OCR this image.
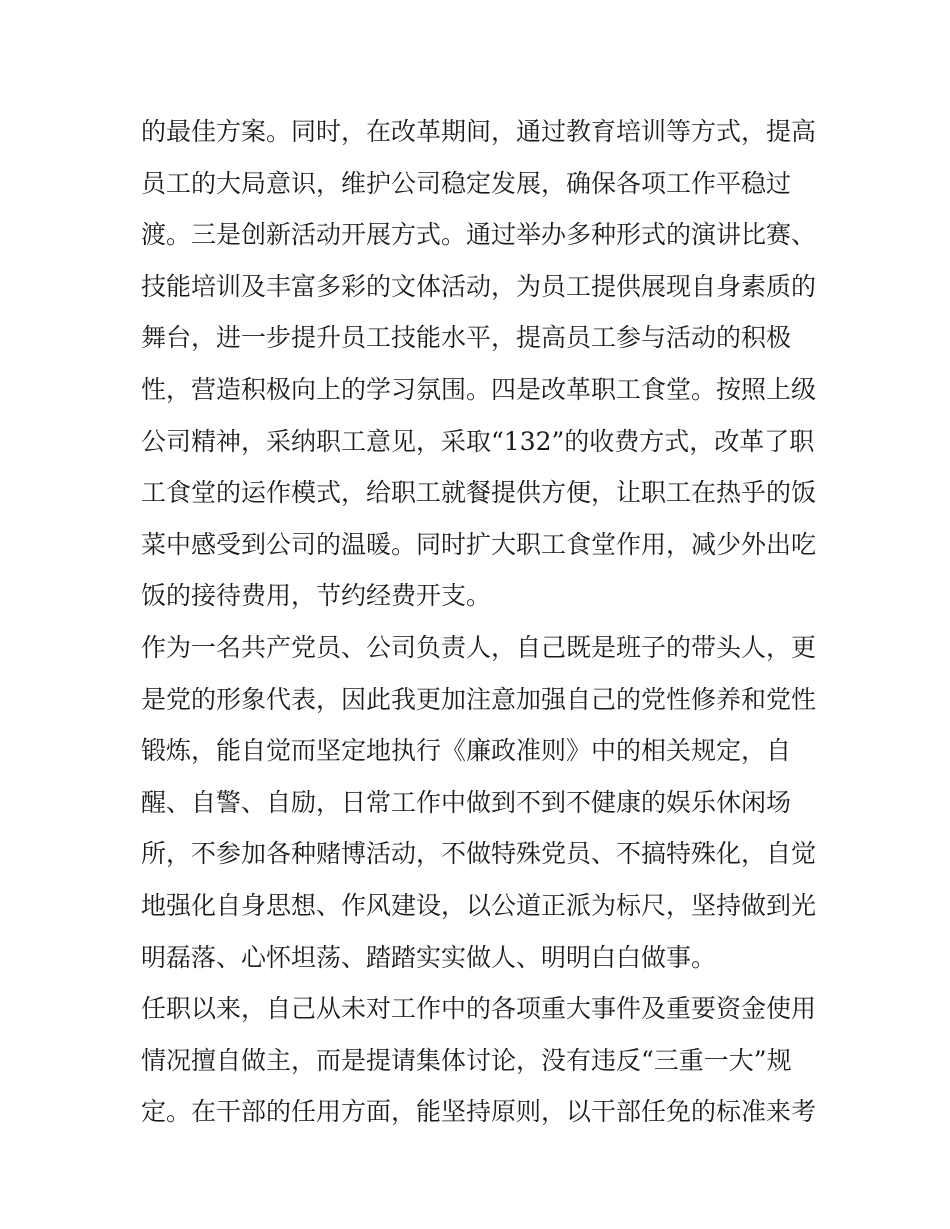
的最佳方案。同时，在改革期间，通过教育培训等方式，提高
员工的大局意识，维护公司稳定发展，确保各项工作平稳过
渡。三是创新活动开展方式。通过举办多种形式的演讲比赛、
技能培训及丰富多彩的文体活动，为员工提供展现自身素质的
舞台，进一步提升员工技能水平，提高员工参与活动的积极
性，营造积极向上的学习氛围。四是改革职工食堂。按照上级
公司精神，采纳职工意见，采取“132”的收费方式，改革了职
工食堂的运作模式，给职工就餐提供方便，让职工在热乎的饭
菜中感受到公司的温暖。同时扩大职工食堂作用，减少外出吃
饭的接待费用，节约经费开支。
作为一名共产党员、公司负责人，自己既是班子的带头人，更
是党的形象代表，因此我更加注意加强自己的党性修养和党性
锻炼，能自觉而坚定地执行《廉政准则》中的相关规定，自
醒、自警、自励，日常工作中做到不到不健康的娱乐休闲场
所，不参加各种赌博活动，不做特殊党员、不搞特殊化，自觉
地强化自身思想、作风建设，以公道正派为标尺，坚持做到光
明磊落、心怀坦荡、踏踏实实做人、明明白白做事。
任职以来，自己从未对工作中的各项重大事件及重要资金使用
情况擅自做主，而是提请集体讨论，没有违反“三重一大”规
定。在干部的任用方面，能坚持原则，以干部任免的标准来考
